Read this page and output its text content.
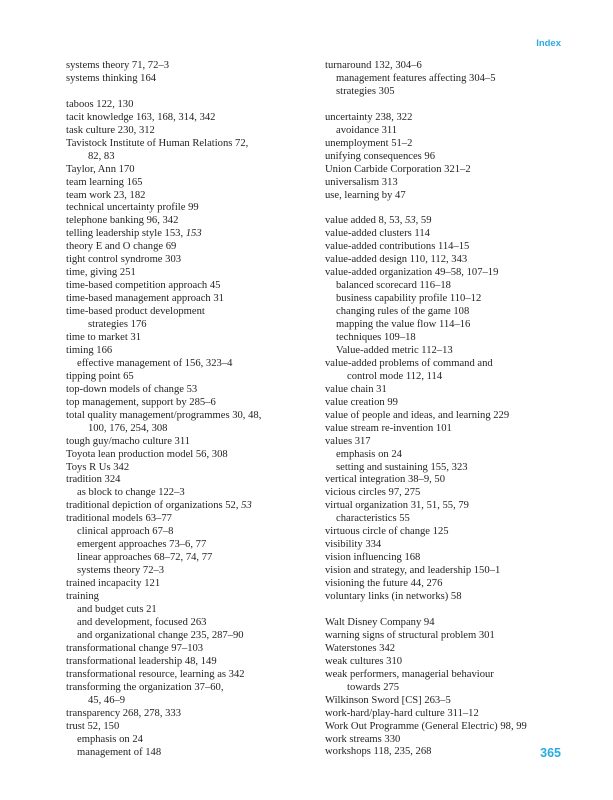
Index
systems theory 71, 72–3
systems thinking 164
taboos 122, 130
tacit knowledge 163, 168, 314, 342
task culture 230, 312
Tavistock Institute of Human Relations 72,
82, 83
Taylor, Ann 170
team learning 165
team work 23, 182
technical uncertainty profile 99
telephone banking 96, 342
telling leadership style 153, 153
theory E and O change 69
tight control syndrome 303
time, giving 251
time-based competition approach 45
time-based management approach 31
time-based product development
strategies 176
time to market 31
timing 166
effective management of 156, 323–4
tipping point 65
top-down models of change 53
top management, support by 285–6
total quality management/programmes 30, 48,
100, 176, 254, 308
tough guy/macho culture 311
Toyota lean production model 56, 308
Toys R Us 342
tradition 324
as block to change 122–3
traditional depiction of organizations 52, 53
traditional models 63–77
clinical approach 67–8
emergent approaches 73–6, 77
linear approaches 68–72, 74, 77
systems theory 72–3
trained incapacity 121
training
and budget cuts 21
and development, focused 263
and organizational change 235, 287–90
transformational change 97–103
transformational leadership 48, 149
transformational resource, learning as 342
transforming the organization 37–60,
45, 46–9
transparency 268, 278, 333
trust 52, 150
emphasis on 24
management of 148
turnaround 132, 304–6
management features affecting 304–5
strategies 305
uncertainty 238, 322
avoidance 311
unemployment 51–2
unifying consequences 96
Union Carbide Corporation 321–2
universalism 313
use, learning by 47
value added 8, 53, 53, 59
value-added clusters 114
value-added contributions 114–15
value-added design 110, 112, 343
value-added organization 49–58, 107–19
balanced scorecard 116–18
business capability profile 110–12
changing rules of the game 108
mapping the value flow 114–16
techniques 109–18
Value-added metric 112–13
value-added problems of command and
control mode 112, 114
value chain 31
value creation 99
value of people and ideas, and learning 229
value stream re-invention 101
values 317
emphasis on 24
setting and sustaining 155, 323
vertical integration 38–9, 50
vicious circles 97, 275
virtual organization 31, 51, 55, 79
characteristics 55
virtuous circle of change 125
visibility 334
vision influencing 168
vision and strategy, and leadership 150–1
visioning the future 44, 276
voluntary links (in networks) 58
Walt Disney Company 94
warning signs of structural problem 301
Waterstones 342
weak cultures 310
weak performers, managerial behaviour
towards 275
Wilkinson Sword [CS] 263–5
work-hard/play-hard culture 311–12
Work Out Programme (General Electric) 98, 99
work streams 330
workshops 118, 235, 268	365
